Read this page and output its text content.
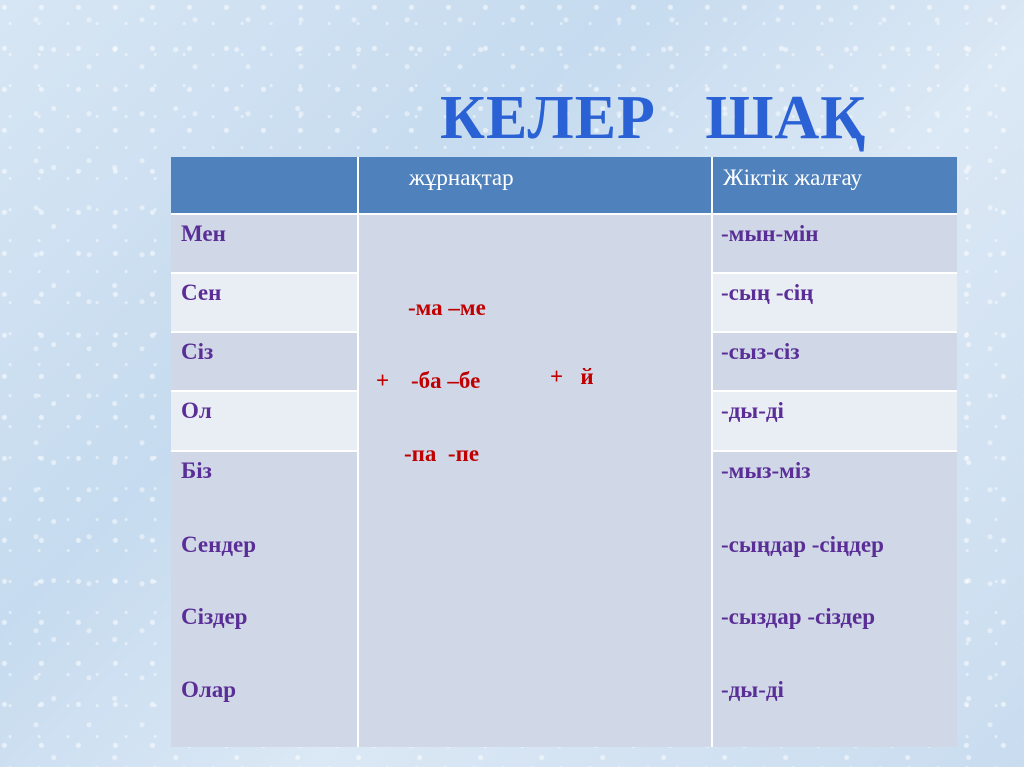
КЕЛЕР   ШАҚ
жұрнақтар	Жіктік жалғау
Мен
Сен
Сіз
Ол
Біз
Сендер
Сіздер
Олар
-ма –ме
+ -ба –бе	+   й
-па  -пе
-мын-мін
-сың -сің
-сыз-сіз
-ды-ді
-мыз-міз
-сыңдар -сіңдер
-сыздар -сіздер
-ды-ді
